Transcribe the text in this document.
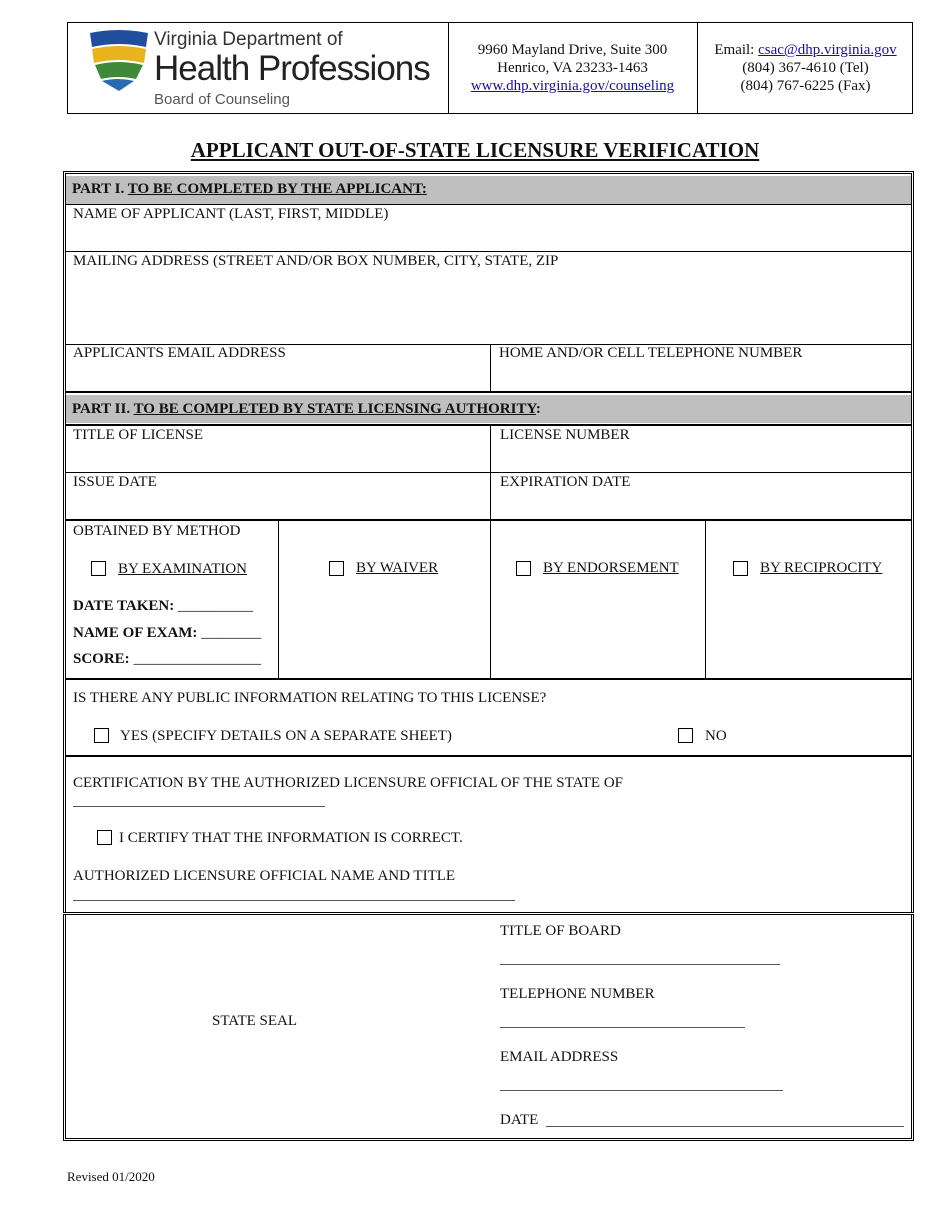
Virginia Department of
Health Professions
Board of Counseling
9960 Mayland Drive, Suite 300
Henrico, VA 23233-1463
www.dhp.virginia.gov/counseling
Email: csac@dhp.virginia.gov
(804) 367-4610 (Tel)
(804) 767-6225 (Fax)
APPLICANT OUT-OF-STATE LICENSURE VERIFICATION
PART I. TO BE COMPLETED BY THE APPLICANT:
NAME OF APPLICANT (LAST, FIRST, MIDDLE)
MAILING ADDRESS (STREET AND/OR BOX NUMBER, CITY, STATE, ZIP
APPLICANTS EMAIL ADDRESS	HOME AND/OR CELL TELEPHONE NUMBER
PART II. TO BE COMPLETED BY STATE LICENSING AUTHORITY:
TITLE OF LICENSE	LICENSE NUMBER
ISSUE DATE	EXPIRATION DATE
OBTAINED BY METHOD
BY EXAMINATION	BY WAIVER	BY ENDORSEMENT	BY RECIPROCITY
DATE TAKEN: __________
NAME OF EXAM: ________
SCORE: _________________
IS THERE ANY PUBLIC INFORMATION RELATING TO THIS LICENSE?
YES (SPECIFY DETAILS ON A SEPARATE SHEET)	NO
CERTIFICATION BY THE AUTHORIZED LICENSURE OFFICIAL OF THE STATE OF
I CERTIFY THAT THE INFORMATION IS CORRECT.
AUTHORIZED LICENSURE OFFICIAL NAME AND TITLE
STATE SEAL
TITLE OF BOARD
TELEPHONE NUMBER
EMAIL ADDRESS
DATE
Revised 01/2020
